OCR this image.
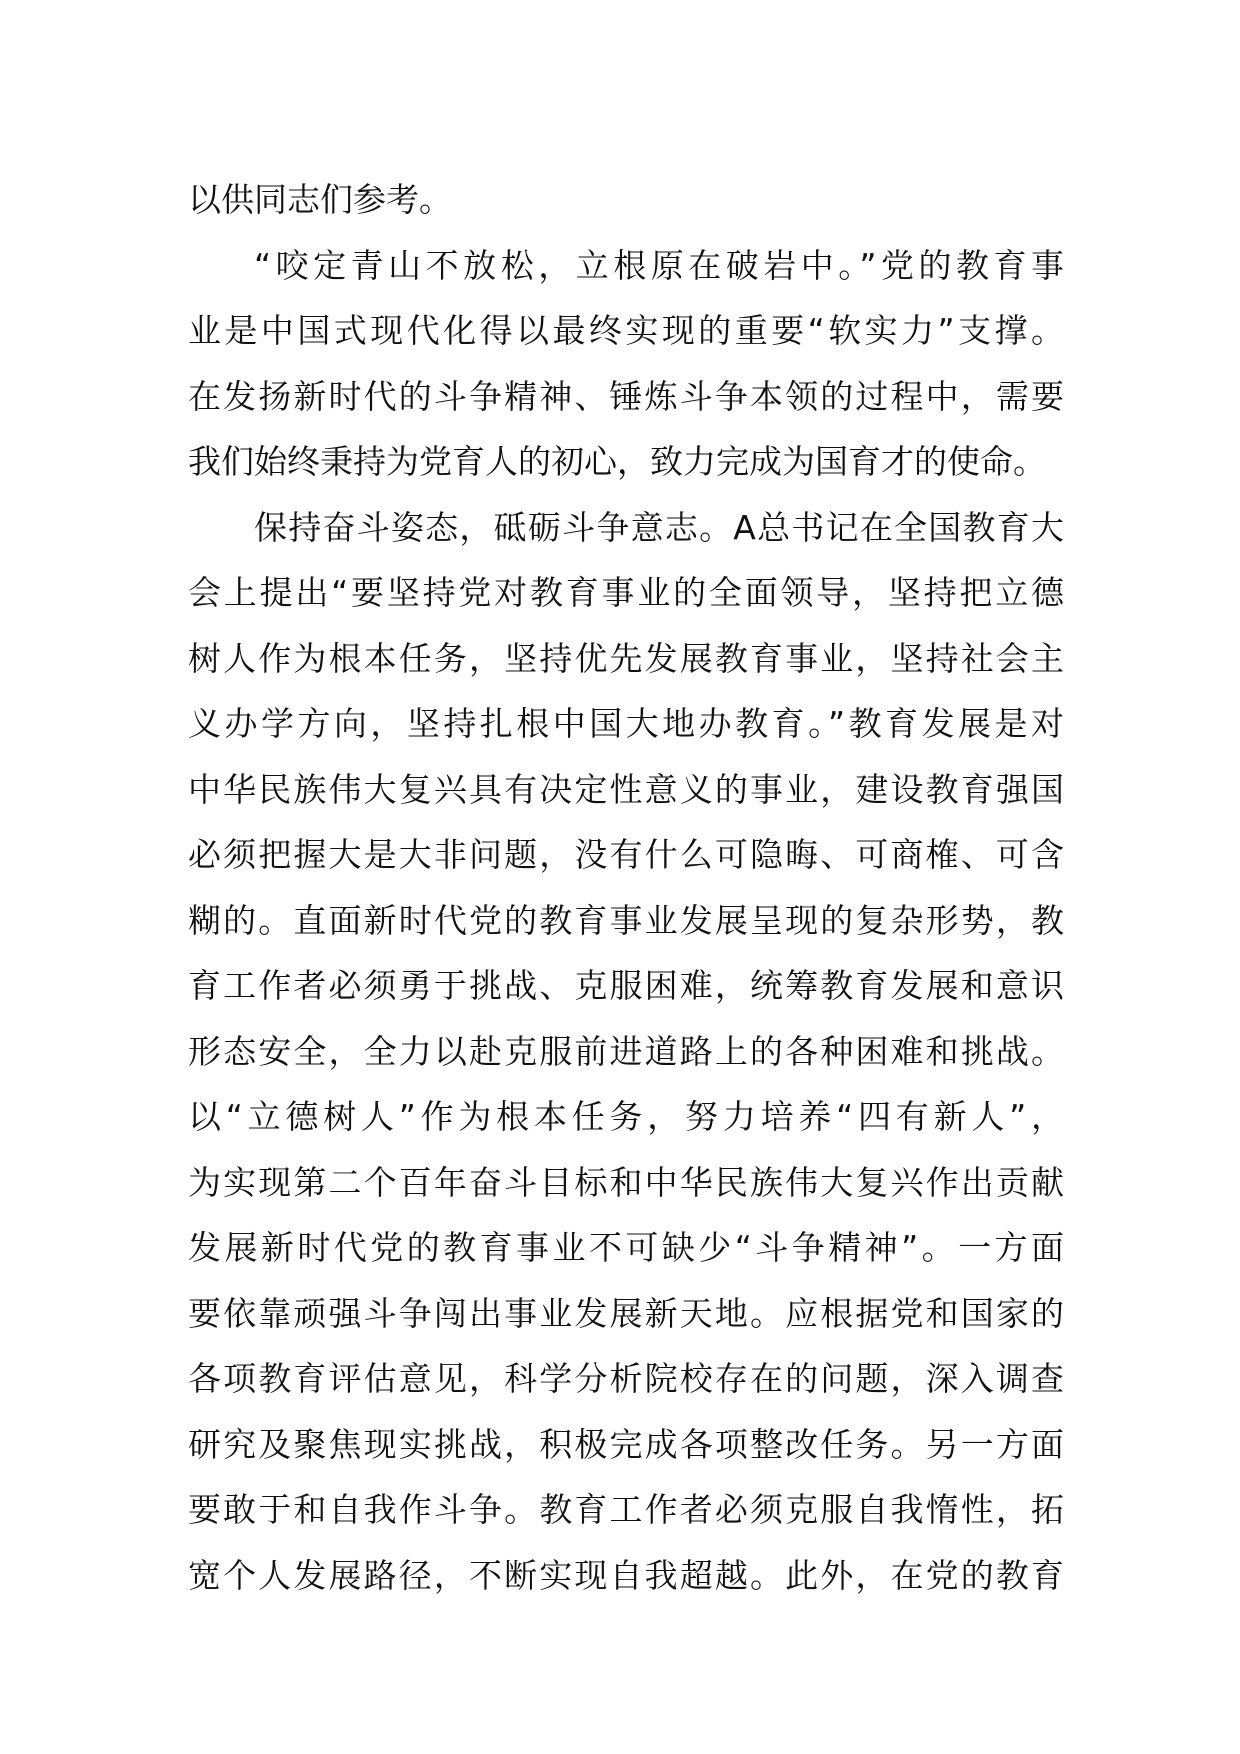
以供同志们参考。
“咬定青山不放松，立根原在破岩中。”党的教育事
业是中国式现代化得以最终实现的重要“软实力”支撑。
在发扬新时代的斗争精神、锤炼斗争本领的过程中，需要
我们始终秉持为党育人的初心，致力完成为国育才的使命。
保持奋斗姿态，砥砺斗争意志。A总书记在全国教育大
会上提出“要坚持党对教育事业的全面领导，坚持把立德
树人作为根本任务，坚持优先发展教育事业，坚持社会主
义办学方向，坚持扎根中国大地办教育。”教育发展是对
中华民族伟大复兴具有决定性意义的事业，建设教育强国
必须把握大是大非问题，没有什么可隐晦、可商榷、可含
糊的。直面新时代党的教育事业发展呈现的复杂形势，教
育工作者必须勇于挑战、克服困难，统筹教育发展和意识
形态安全，全力以赴克服前进道路上的各种困难和挑战。
以“立德树人”作为根本任务，努力培养“四有新人”，
为实现第二个百年奋斗目标和中华民族伟大复兴作出贡献
发展新时代党的教育事业不可缺少“斗争精神”。一方面
要依靠顽强斗争闯出事业发展新天地。应根据党和国家的
各项教育评估意见，科学分析院校存在的问题，深入调查
研究及聚焦现实挑战，积极完成各项整改任务。另一方面
要敢于和自我作斗争。教育工作者必须克服自我惰性，拓
宽个人发展路径，不断实现自我超越。此外，在党的教育
